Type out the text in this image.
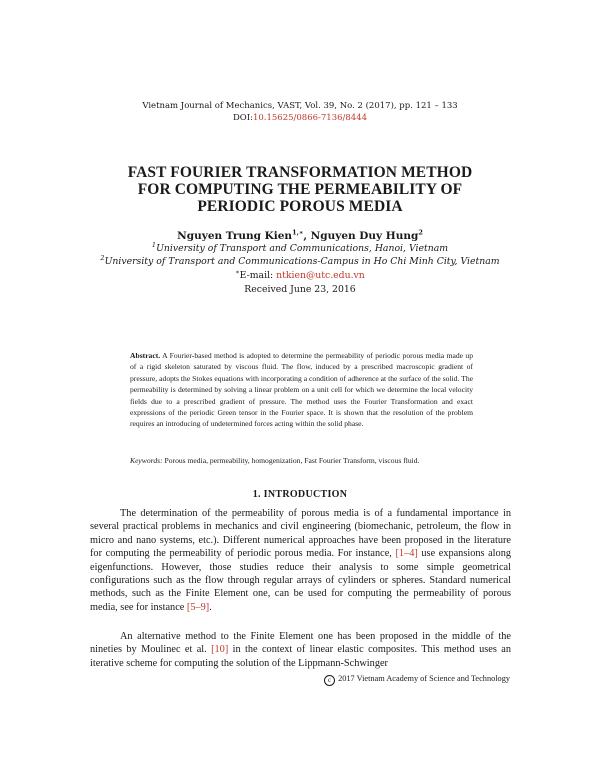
Vietnam Journal of Mechanics, VAST, Vol. 39, No. 2 (2017), pp. 121 – 133
DOI:10.15625/0866-7136/8444
FAST FOURIER TRANSFORMATION METHOD
FOR COMPUTING THE PERMEABILITY OF
PERIODIC POROUS MEDIA
Nguyen Trung Kien$^{1,∗}$, Nguyen Duy Hung$^2$
$^1$University of Transport and Communications, Hanoi, Vietnam
$^2$University of Transport and Communications-Campus in Ho Chi Minh City, Vietnam
∗E-mail: ntkien@utc.edu.vn
Received June 23, 2016
Abstract. A Fourier-based method is adopted to determine the permeability of periodic porous media made up of a rigid skeleton saturated by viscous fluid. The flow, induced by a prescribed macroscopic gradient of pressure, adopts the Stokes equations with incorporating a condition of adherence at the surface of the solid. The permeability is determined by solving a linear problem on a unit cell for which we determine the local velocity fields due to a prescribed gradient of pressure. The method uses the Fourier Transformation and exact expressions of the periodic Green tensor in the Fourier space. It is shown that the resolution of the problem requires an introducing of undetermined forces acting within the solid phase.
Keywords: Porous media, permeability, homogenization, Fast Fourier Transform, viscous fluid.
1. INTRODUCTION
The determination of the permeability of porous media is of a fundamental importance in several practical problems in mechanics and civil engineering (biomechanic, petroleum, the flow in micro and nano systems, etc.). Different numerical approaches have been proposed in the literature for computing the permeability of periodic porous media. For instance, [1–4] use expansions along eigenfunctions. However, those studies reduce their analysis to some simple geometrical configurations such as the flow through regular arrays of cylinders or spheres. Standard numerical methods, such as the Finite Element one, can be used for computing the permeability of porous media, see for instance [5–9].
An alternative method to the Finite Element one has been proposed in the middle of the nineties by Moulinec et al. [10] in the context of linear elastic composites. This method uses an iterative scheme for computing the solution of the Lippmann-Schwinger
c 2017 Vietnam Academy of Science and Technology
